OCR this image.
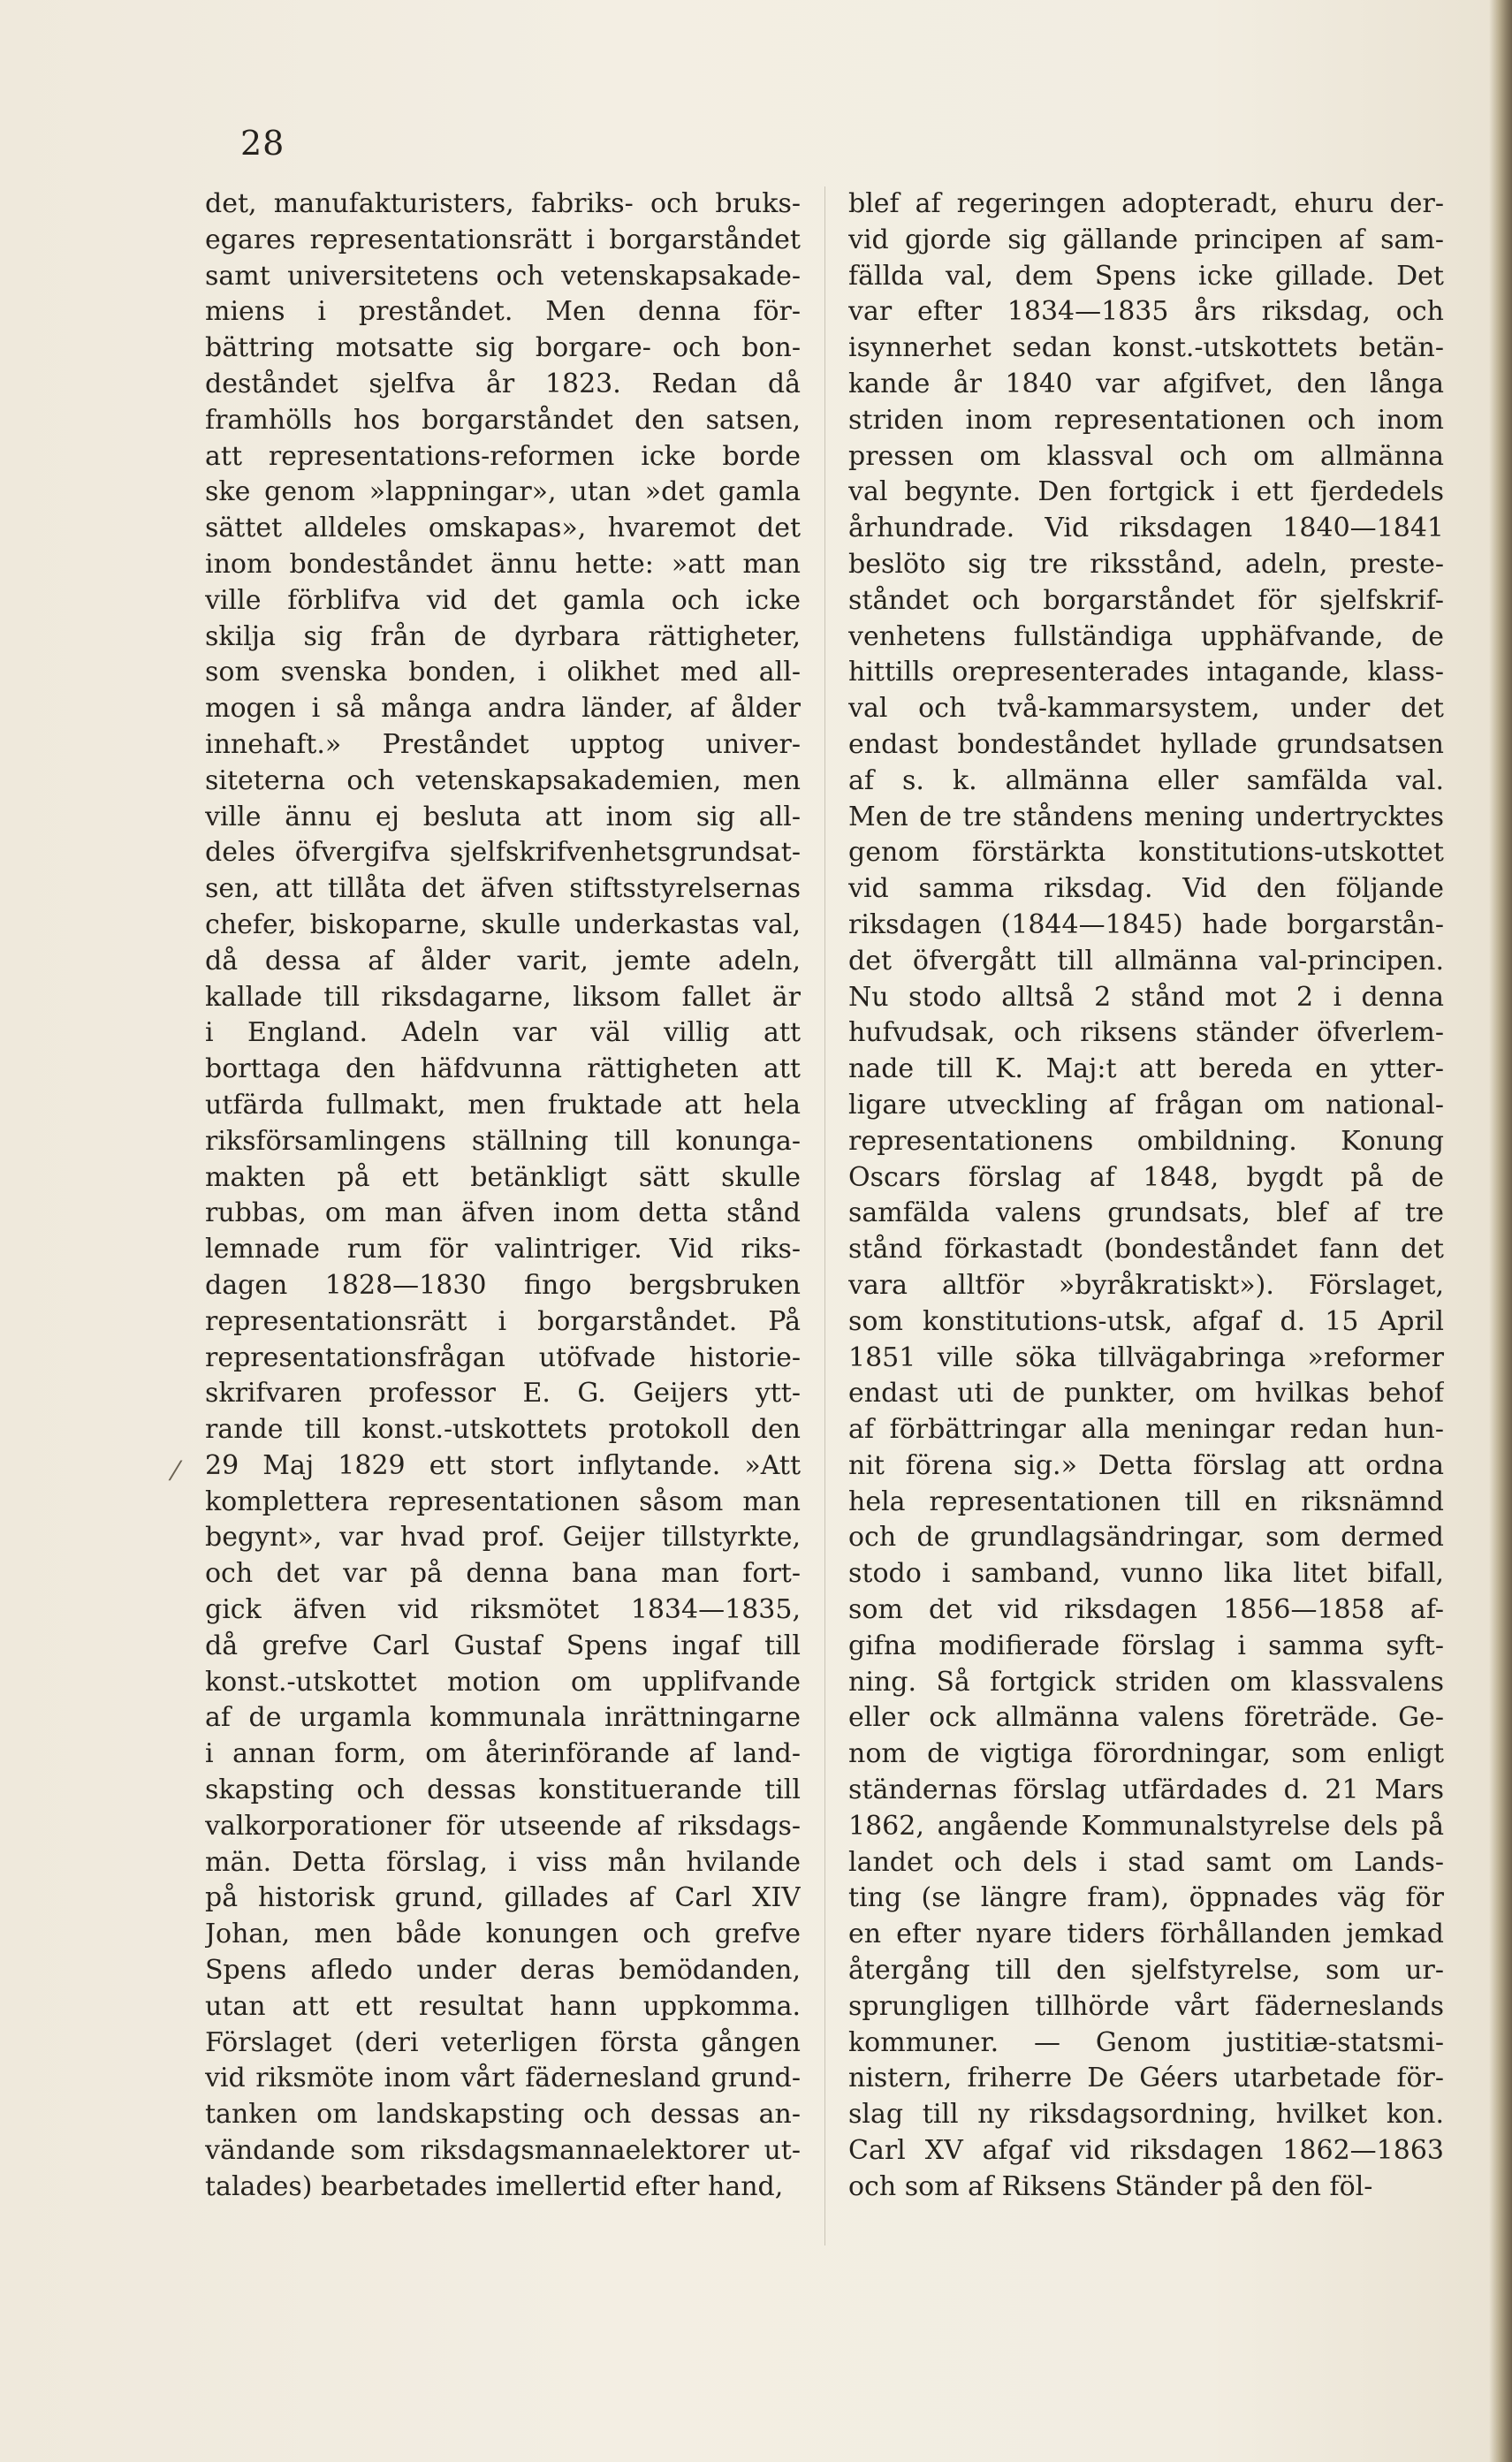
28
det, manufakturisters, fabriks- och bruks-
egares representationsrätt i borgarståndet
samt universitetens och vetenskapsakade-
miens i preståndet. Men denna för-
bättring motsatte sig borgare- och bon-
deståndet sjelfva år 1823. Redan då
framhölls hos borgarståndet den satsen,
att representations-reformen icke borde
ske genom »lappningar», utan »det gamla
sättet alldeles omskapas», hvaremot det
inom bondeståndet ännu hette: »att man
ville förblifva vid det gamla och icke
skilja sig från de dyrbara rättigheter,
som svenska bonden, i olikhet med all-
mogen i så många andra länder, af ålder
innehaft.» Preståndet upptog univer-
siteterna och vetenskapsakademien, men
ville ännu ej besluta att inom sig all-
deles öfvergifva sjelfskrifvenhetsgrundsat-
sen, att tillåta det äfven stiftsstyrelsernas
chefer, biskoparne, skulle underkastas val,
då dessa af ålder varit, jemte adeln,
kallade till riksdagarne, liksom fallet är
i England. Adeln var väl villig att
borttaga den häfdvunna rättigheten att
utfärda fullmakt, men fruktade att hela
riksförsamlingens ställning till konunga-
makten på ett betänkligt sätt skulle
rubbas, om man äfven inom detta stånd
lemnade rum för valintriger. Vid riks-
dagen 1828—1830 fingo bergsbruken
representationsrätt i borgarståndet. På
representationsfrågan utöfvade historie-
skrifvaren professor E. G. Geijers ytt-
rande till konst.-utskottets protokoll den
29 Maj 1829 ett stort inflytande. »Att
komplettera representationen såsom man
begynt», var hvad prof. Geijer tillstyrkte,
och det var på denna bana man fort-
gick äfven vid riksmötet 1834—1835,
då grefve Carl Gustaf Spens ingaf till
konst.-utskottet motion om upplifvande
af de urgamla kommunala inrättningarne
i annan form, om återinförande af land-
skapsting och dessas konstituerande till
valkorporationer för utseende af riksdags-
män. Detta förslag, i viss mån hvilande
på historisk grund, gillades af Carl XIV
Johan, men både konungen och grefve
Spens afledo under deras bemödanden,
utan att ett resultat hann uppkomma.
Förslaget (deri veterligen första gången
vid riksmöte inom vårt fädernesland grund-
tanken om landskapsting och dessas an-
vändande som riksdagsmannaelektorer ut-
talades) bearbetades imellertid efter hand,
blef af regeringen adopteradt, ehuru der-
vid gjorde sig gällande principen af sam-
fällda val, dem Spens icke gillade. Det
var efter 1834—1835 års riksdag, och
isynnerhet sedan konst.-utskottets betän-
kande år 1840 var afgifvet, den långa
striden inom representationen och inom
pressen om klassval och om allmänna
val begynte. Den fortgick i ett fjerdedels
århundrade. Vid riksdagen 1840—1841
beslöto sig tre riksstånd, adeln, preste-
ståndet och borgarståndet för sjelfskrif-
venhetens fullständiga upphäfvande, de
hittills orepresenterades intagande, klass-
val och två-kammarsystem, under det
endast bondeståndet hyllade grundsatsen
af s. k. allmänna eller samfälda val.
Men de tre ståndens mening undertrycktes
genom förstärkta konstitutions-utskottet
vid samma riksdag. Vid den följande
riksdagen (1844—1845) hade borgarstån-
det öfvergått till allmänna val-principen.
Nu stodo alltså 2 stånd mot 2 i denna
hufvudsak, och riksens ständer öfverlem-
nade till K. Maj:t att bereda en ytter-
ligare utveckling af frågan om national-
representationens ombildning. Konung
Oscars förslag af 1848, bygdt på de
samfälda valens grundsats, blef af tre
stånd förkastadt (bondeståndet fann det
vara alltför »byråkratiskt»). Förslaget,
som konstitutions-utsk, afgaf d. 15 April
1851 ville söka tillvägabringa »reformer
endast uti de punkter, om hvilkas behof
af förbättringar alla meningar redan hun-
nit förena sig.» Detta förslag att ordna
hela representationen till en riksnämnd
och de grundlagsändringar, som dermed
stodo i samband, vunno lika litet bifall,
som det vid riksdagen 1856—1858 af-
gifna modifierade förslag i samma syft-
ning. Så fortgick striden om klassvalens
eller ock allmänna valens företräde. Ge-
nom de vigtiga förordningar, som enligt
ständernas förslag utfärdades d. 21 Mars
1862, angående Kommunalstyrelse dels på
landet och dels i stad samt om Lands-
ting (se längre fram), öppnades väg för
en efter nyare tiders förhållanden jemkad
återgång till den sjelfstyrelse, som ur-
sprungligen tillhörde vårt fäderneslands
kommuner. — Genom justitiæ-statsmi-
nistern, friherre De Géers utarbetade för-
slag till ny riksdagsordning, hvilket kon.
Carl XV afgaf vid riksdagen 1862—1863
och som af Riksens Ständer på den föl-
⁄
